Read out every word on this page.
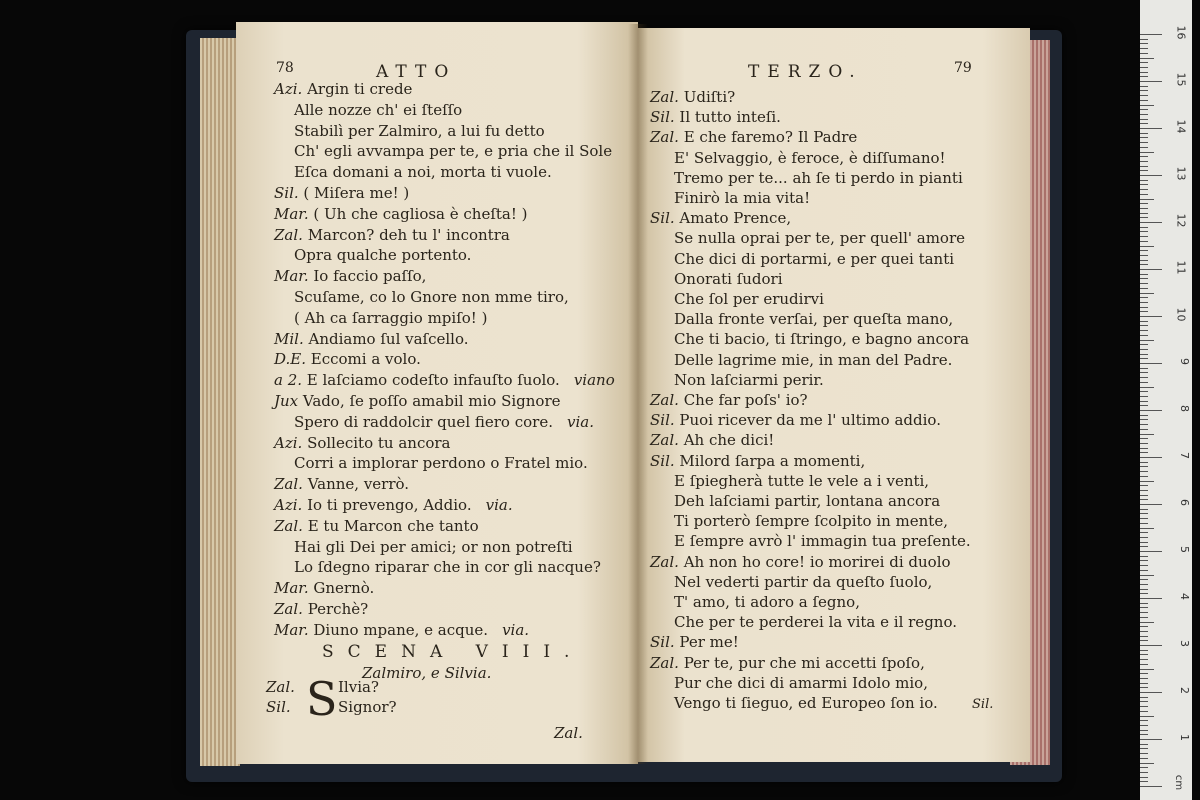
78	ATTO
Azi. Argin ti crede
Alle nozze ch' ei ſteſſo
Stabilì per Zalmiro, a lui fu detto
Ch' egli avvampa per te, e pria che il Sole
Eſca domani a noi, morta ti vuole.
Sil. ( Miſera me! )
Mar. ( Uh che cagliosa è cheſta! )
Zal. Marcon? deh tu l' incontra
Opra qualche portento.
Mar. Io faccio paſſo,
Scuſame, co lo Gnore non mme tiro,
( Ah ca ſarraggio mpiſo! )
Mil. Andiamo ſul vaſcello.
D.E. Eccomi a volo.
a 2. E laſciamo codeſto infauſto ſuolo. viano
Jux Vado, ſe poſſo amabil mio Signore
Spero di raddolcir quel fiero core. via.
Azi. Sollecito tu ancora
Corri a implorar perdono o Fratel mio.
Zal. Vanne, verrò.
Azi. Io ti prevengo, Addio. via.
Zal. E tu Marcon che tanto
Hai gli Dei per amici; or non potreſti
Lo ſdegno riparar che in cor gli nacque?
Mar. Gnernò.
Zal. Perchè?
Mar. Diuno mpane, e acque. via.
SCENA VIII.
Zalmiro, e Silvia.
S
Zal.	Ilvia?
Sil.	Signor?
Zal.
TERZO.	79
Zal. Udiſti?
Sil. Il tutto inteſi.
Zal. E che faremo? Il Padre
E' Selvaggio, è feroce, è diſſumano!
Tremo per te... ah ſe ti perdo in pianti
Finirò la mia vita!
Sil. Amato Prence,
Se nulla oprai per te, per quell' amore
Che dici di portarmi, e per quei tanti
Onorati ſudori
Che ſol per erudirvi
Dalla fronte verſai, per queſta mano,
Che ti bacio, ti ſtringo, e bagno ancora
Delle lagrime mie, in man del Padre.
Non laſciarmi perir.
Zal. Che far poſs' io?
Sil. Puoi ricever da me l' ultimo addio.
Zal. Ah che dici!
Sil. Milord ſarpa a momenti,
E ſpiegherà tutte le vele a i venti,
Deh laſciami partir, lontana ancora
Ti porterò ſempre ſcolpito in mente,
E ſempre avrò l' immagin tua preſente.
Zal. Ah non ho core! io morirei di duolo
Nel vederti partir da queſto ſuolo,
T' amo, ti adoro a ſegno,
Che per te perderei la vita e il regno.
Sil. Per me!
Zal. Per te, pur che mi accetti ſpoſo,
Pur che dici di amarmi Idolo mio,
Vengo ti ſieguo, ed Europeo ſon io.	Sil.
cm
16
15
14
13
12
11
10
9
8
7
6
5
4
3
2
1
